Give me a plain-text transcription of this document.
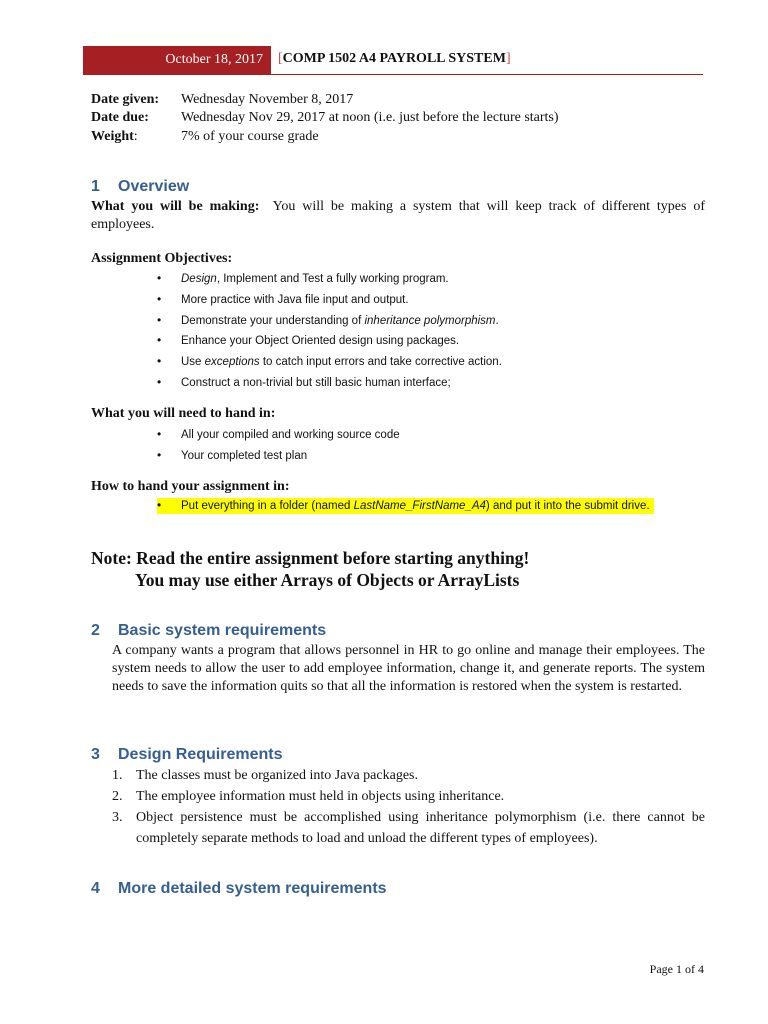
October 18, 2017	[COMP 1502 A4 PAYROLL SYSTEM]
Date given: Wednesday November 8, 2017
Date due: Wednesday Nov 29, 2017 at noon (i.e. just before the lecture starts)
Weight:	7% of your course grade
1 Overview
What you will be making: You will be making a system that will keep track of different types of employees.
Assignment Objectives:
• Design, Implement and Test a fully working program.
• More practice with Java file input and output.
• Demonstrate your understanding of inheritance polymorphism.
• Enhance your Object Oriented design using packages.
• Use exceptions to catch input errors and take corrective action.
• Construct a non-trivial but still basic human interface;
What you will need to hand in:
• All your compiled and working source code
• Your completed test plan
How to hand your assignment in:
• Put everything in a folder (named LastName_FirstName_A4) and put it into the submit drive.
Note: Read the entire assignment before starting anything!
You may use either Arrays of Objects or ArrayLists
2 Basic system requirements
A company wants a program that allows personnel in HR to go online and manage their employees. The system needs to allow the user to add employee information, change it, and generate reports. The system needs to save the information quits so that all the information is restored when the system is restarted.
3 Design Requirements
1. The classes must be organized into Java packages.
2. The employee information must held in objects using inheritance.
3. Object persistence must be accomplished using inheritance polymorphism (i.e. there cannot be completely separate methods to load and unload the different types of employees).
4 More detailed system requirements
Page 1 of 4
